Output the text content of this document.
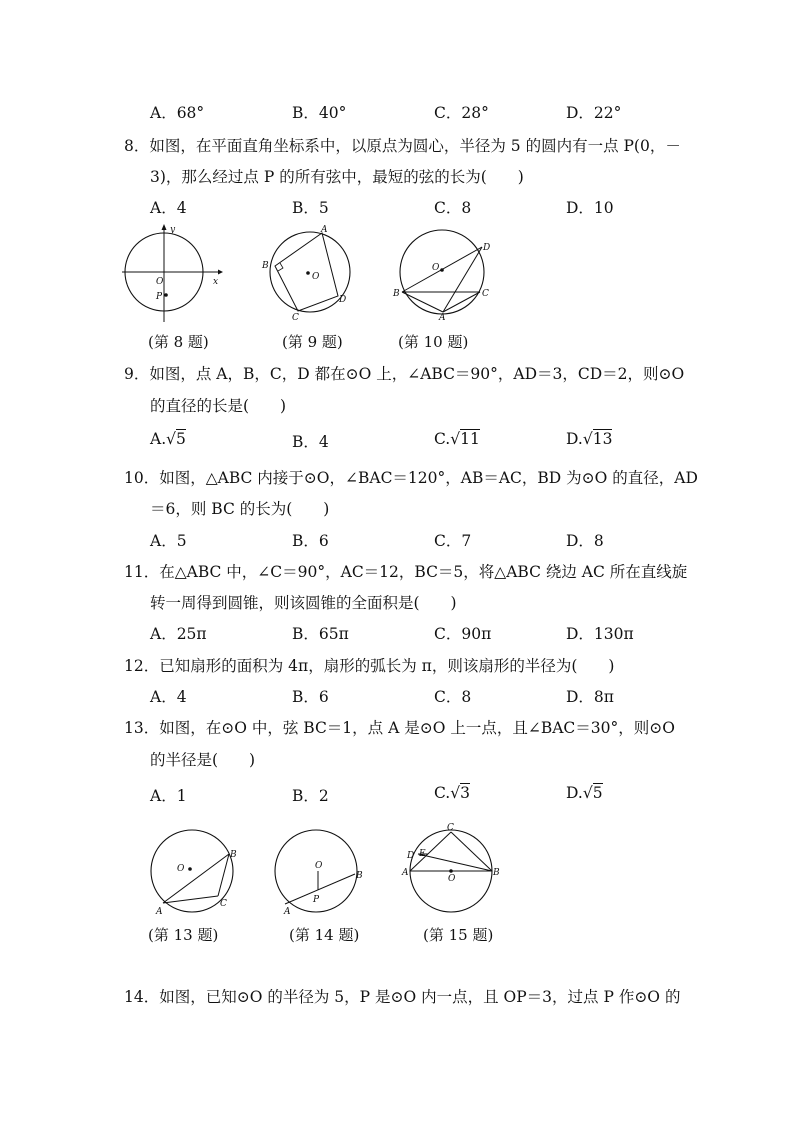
A．68°	B．40°	C．28°	D．22°
8．如图，在平面直角坐标系中，以原点为圆心，半径为 5 的圆内有一点 P(0，－
3)，那么经过点 P 的所有弦中，最短的弦的长为(　　)
A．4	B．5	C．8	D．10
y
x
O
P
A
B
C
D
O
A
B	C
D
O
(第 8 题)	(第 9 题)	(第 10 题)
9．如图，点 A，B，C，D 都在⊙O 上，∠ABC＝90°，AD＝3，CD＝2，则⊙O
的直径的长是(　　)
A.√5	B．4	C.√11	D.√13
10．如图，△ABC 内接于⊙O，∠BAC＝120°，AB＝AC，BD 为⊙O 的直径，AD
＝6，则 BC 的长为(　　)
A．5	B．6	C．7	D．8
11．在△ABC 中，∠C＝90°，AC＝12，BC＝5，将△ABC 绕边 AC 所在直线旋
转一周得到圆锥，则该圆锥的全面积是(　　)
A．25π	B．65π	C．90π	D．130π
12．已知扇形的面积为 4π，扇形的弧长为 π，则该扇形的半径为(　　)
A．4	B．6	C．8	D．8π
13．如图，在⊙O 中，弦 BC＝1，点 A 是⊙O 上一点，且∠BAC＝30°，则⊙O
的半径是(　　)
A．1	B．2	C.√3	D.√5
O
B
C
A
O
B
P
A
C
D E
A	B
O
(第 13 题)	(第 14 题)	(第 15 题)
14．如图，已知⊙O 的半径为 5，P 是⊙O 内一点，且 OP＝3，过点 P 作⊙O 的
